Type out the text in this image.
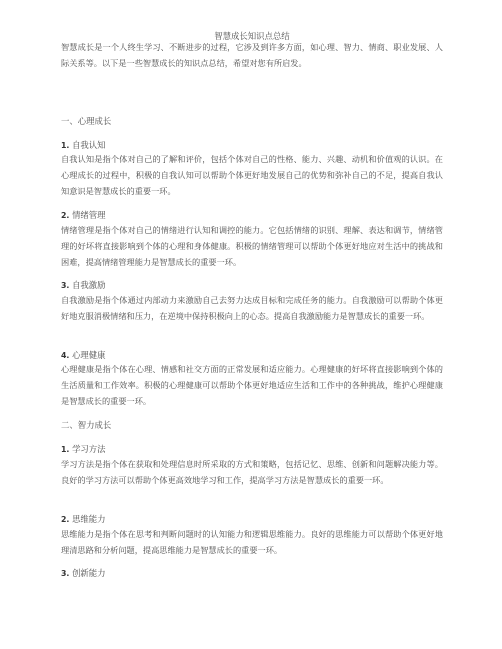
智慧成长知识点总结
智慧成长是一个人终生学习、不断进步的过程，它涉及到许多方面，如心理、智力、情商、职业发展、人际关系等。以下是一些智慧成长的知识点总结，希望对您有所启发。
一、心理成长
1. 自我认知
自我认知是指个体对自己的了解和评价，包括个体对自己的性格、能力、兴趣、动机和价值观的认识。在心理成长的过程中，积极的自我认知可以帮助个体更好地发展自己的优势和弥补自己的不足，提高自我认知意识是智慧成长的重要一环。
2. 情绪管理
情绪管理是指个体对自己的情绪进行认知和调控的能力。它包括情绪的识别、理解、表达和调节，情绪管理的好坏将直接影响到个体的心理和身体健康。积极的情绪管理可以帮助个体更好地应对生活中的挑战和困难，提高情绪管理能力是智慧成长的重要一环。
3. 自我激励
自我激励是指个体通过内部动力来激励自己去努力达成目标和完成任务的能力。自我激励可以帮助个体更好地克服消极情绪和压力，在逆境中保持积极向上的心态。提高自我激励能力是智慧成长的重要一环。
4. 心理健康
心理健康是指个体在心理、情感和社交方面的正常发展和适应能力。心理健康的好坏将直接影响到个体的生活质量和工作效率。积极的心理健康可以帮助个体更好地适应生活和工作中的各种挑战，维护心理健康是智慧成长的重要一环。
二、智力成长
1. 学习方法
学习方法是指个体在获取和处理信息时所采取的方式和策略，包括记忆、思维、创新和问题解决能力等。良好的学习方法可以帮助个体更高效地学习和工作，提高学习方法是智慧成长的重要一环。
2. 思维能力
思维能力是指个体在思考和判断问题时的认知能力和逻辑思维能力。良好的思维能力可以帮助个体更好地理清思路和分析问题，提高思维能力是智慧成长的重要一环。
3. 创新能力
